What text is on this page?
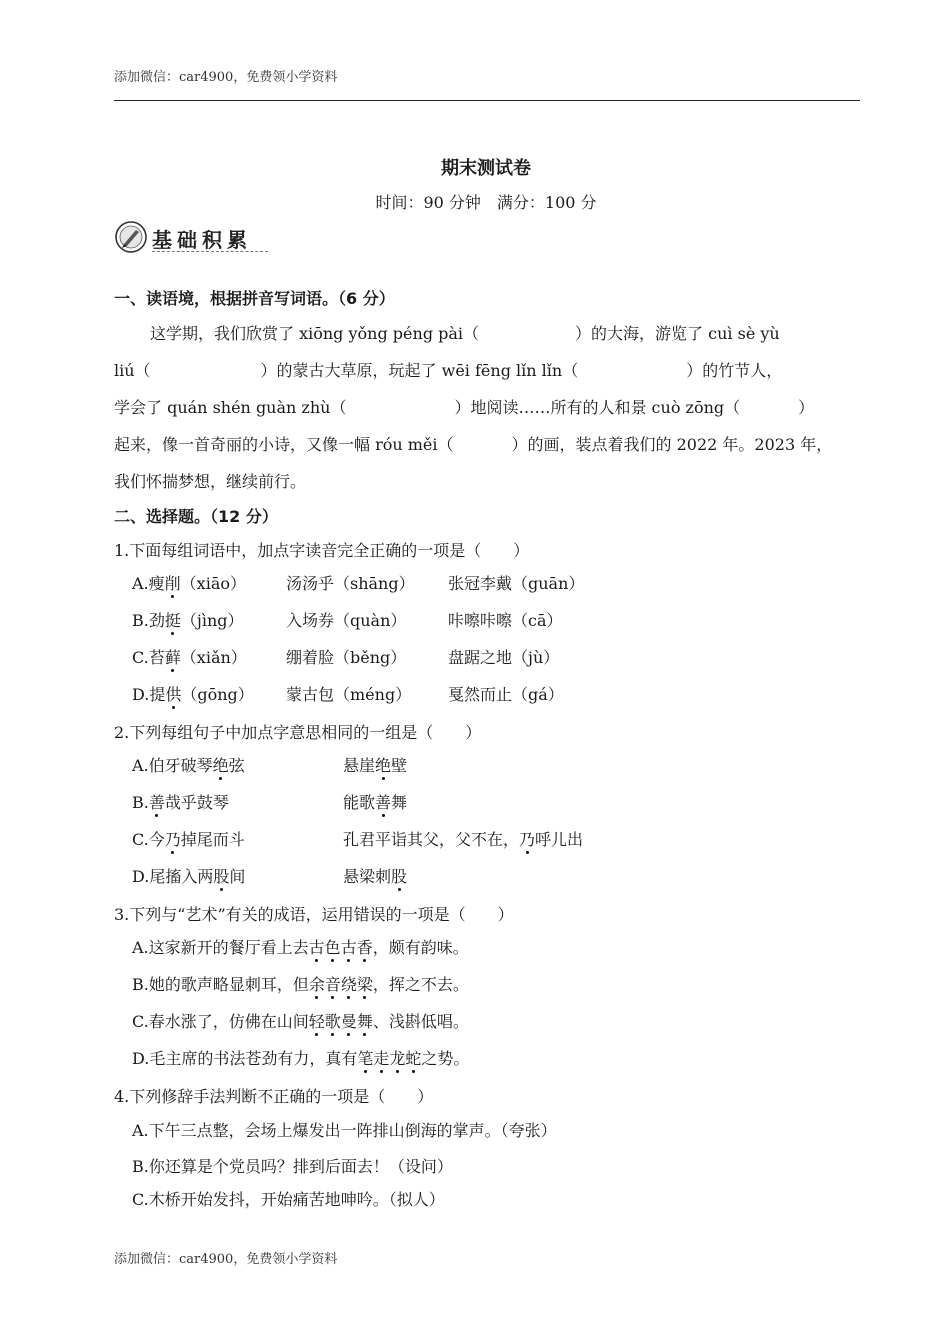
添加微信：car4900，免费领小学资料
期末测试卷
时间：90 分钟　满分：100 分
基础积累
一、读语境，根据拼音写词语。（6 分）
这学期，我们欣赏了 xiōng yǒng péng pài（	）的大海，游览了 cuì sè yù
liú（	）的蒙古大草原，玩起了 wēi fēng lǐn lǐn（	）的竹节人，
学会了 quán shén guàn zhù（	）地阅读……所有的人和景 cuò zōng（	）
起来，像一首奇丽的小诗，又像一幅 róu měi（	）的画，装点着我们的 2022 年。2023 年，
我们怀揣梦想，继续前行。
二、选择题。（12 分）
1.下面每组词语中，加点字读音完全正确的一项是（　　）
A.瘦削（xiāo）	汤汤乎（shāng） 张冠李戴（guān）
B.劲挺（jìng）	入场券（quàn）	咔嚓咔嚓（cā）
C.苔藓（xiǎn） 绷着脸（běng）	盘踞之地（jù）
D.提供（gōng） 蒙古包（méng） 戛然而止（gá）
2.下列每组句子中加点字意思相同的一组是（　　）
A.伯牙破琴绝弦	悬崖绝壁
B.善哉乎鼓琴	能歌善舞
C.今乃掉尾而斗	孔君平诣其父，父不在，乃呼儿出
D.尾搐入两股间	悬梁刺股
3.下列与“艺术”有关的成语，运用错误的一项是（　　）
A.这家新开的餐厅看上去古色古香，颇有韵味。
B.她的歌声略显刺耳，但余音绕梁，挥之不去。
C.春水涨了，仿佛在山间轻歌曼舞、浅斟低唱。
D.毛主席的书法苍劲有力，真有笔走龙蛇之势。
4.下列修辞手法判断不正确的一项是（　　）
A.下午三点整，会场上爆发出一阵排山倒海的掌声。（夸张）
B.你还算是个党员吗？排到后面去！（设问）
C.木桥开始发抖，开始痛苦地呻吟。（拟人）
添加微信：car4900，免费领小学资料
